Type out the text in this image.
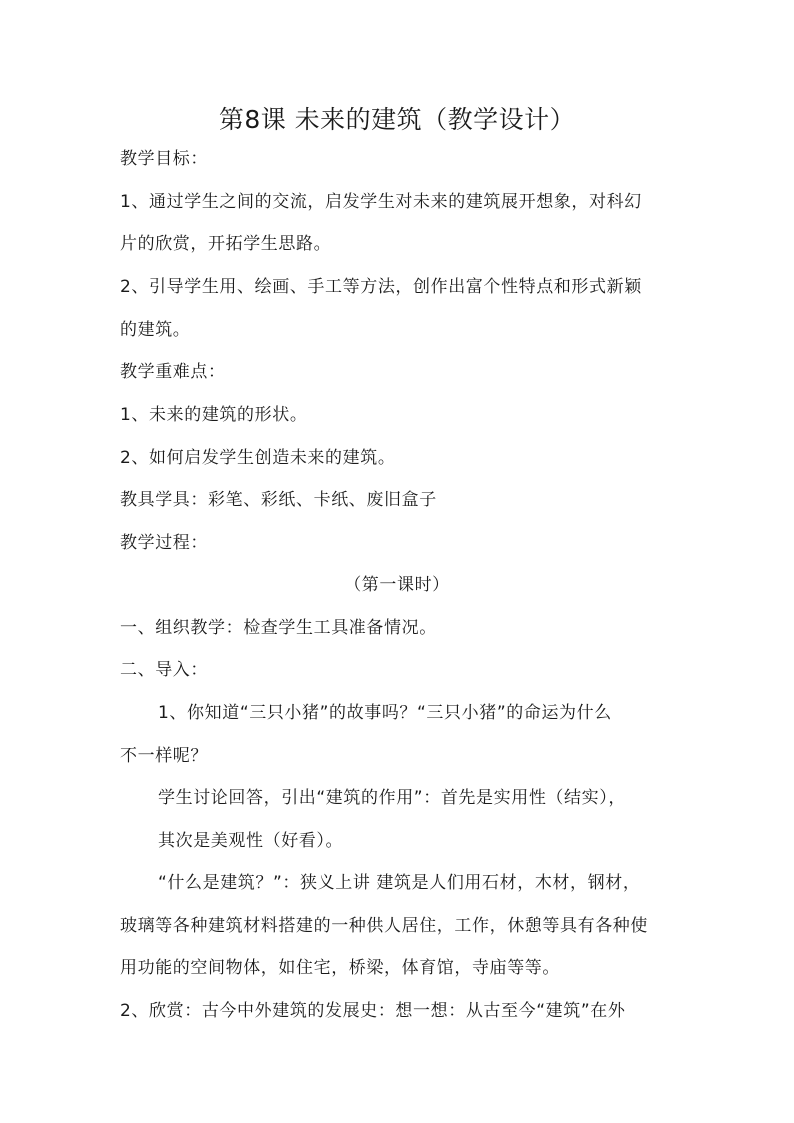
第8课 未来的建筑（教学设计）
教学目标：
1、通过学生之间的交流，启发学生对未来的建筑展开想象，对科幻
片的欣赏，开拓学生思路。
2、引导学生用、绘画、手工等方法，创作出富个性特点和形式新颖
的建筑。
教学重难点：
1、未来的建筑的形状。
2、如何启发学生创造未来的建筑。
教具学具：彩笔、彩纸、卡纸、废旧盒子
教学过程：
（第一课时）
一、组织教学：检查学生工具准备情况。
二、导入：
1、你知道“三只小猪”的故事吗？“三只小猪”的命运为什么
不一样呢？
学生讨论回答，引出“建筑的作用”：首先是实用性（结实），
其次是美观性（好看）。
“什么是建筑？”：狭义上讲 建筑是人们用石材，木材，钢材，
玻璃等各种建筑材料搭建的一种供人居住，工作，休憩等具有各种使
用功能的空间物体，如住宅，桥梁，体育馆，寺庙等等。
2、欣赏：古今中外建筑的发展史：想一想：从古至今“建筑”在外
